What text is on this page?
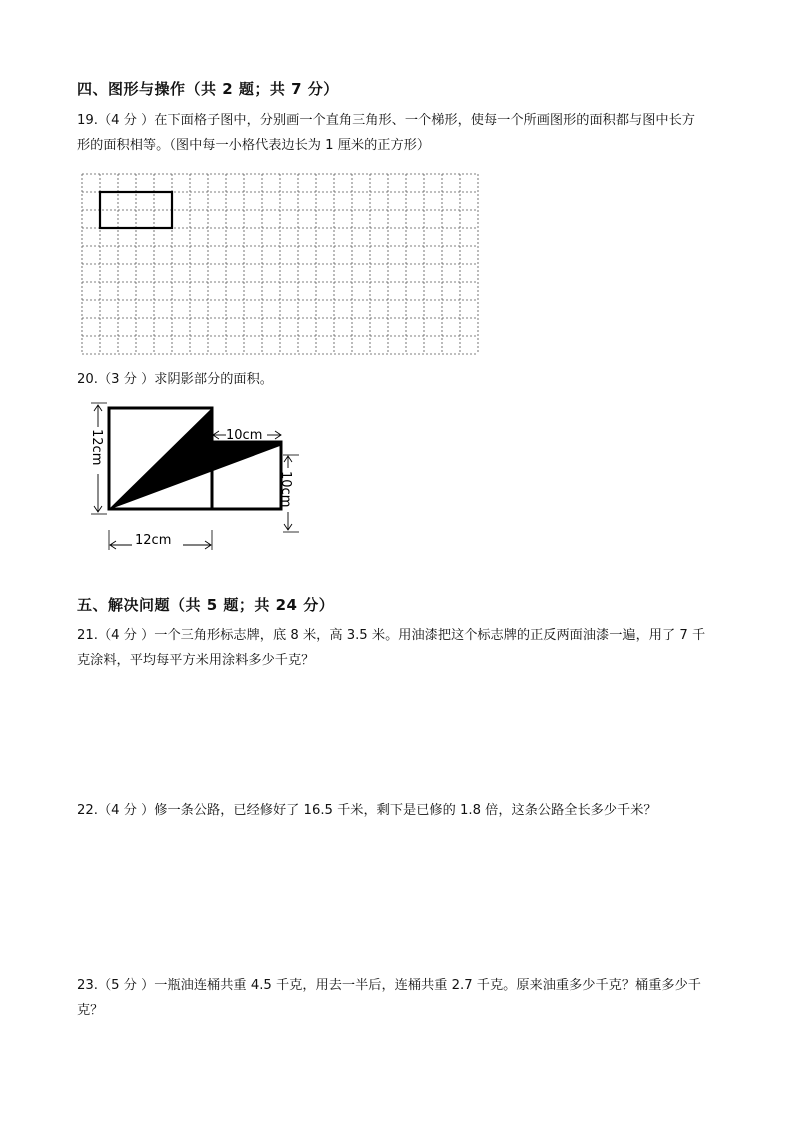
四、图形与操作（共 2 题；共 7 分）
19.（4 分 ）在下面格子图中，分别画一个直角三角形、一个梯形，使每一个所画图形的面积都与图中长方
形的面积相等。（图中每一小格代表边长为 1 厘米的正方形）
20.（3 分 ）求阴影部分的面积。
12cm	10cm
10cm
12cm
五、解决问题（共 5 题；共 24 分）
21.（4 分 ）一个三角形标志牌，底 8 米，高 3.5 米。用油漆把这个标志牌的正反两面油漆一遍，用了 7 千
克涂料，平均每平方米用涂料多少千克？
22.（4 分 ）修一条公路，已经修好了 16.5 千米，剩下是已修的 1.8 倍，这条公路全长多少千米？
23.（5 分 ）一瓶油连桶共重 4.5 千克，用去一半后，连桶共重 2.7 千克。原来油重多少千克？桶重多少千
克？
